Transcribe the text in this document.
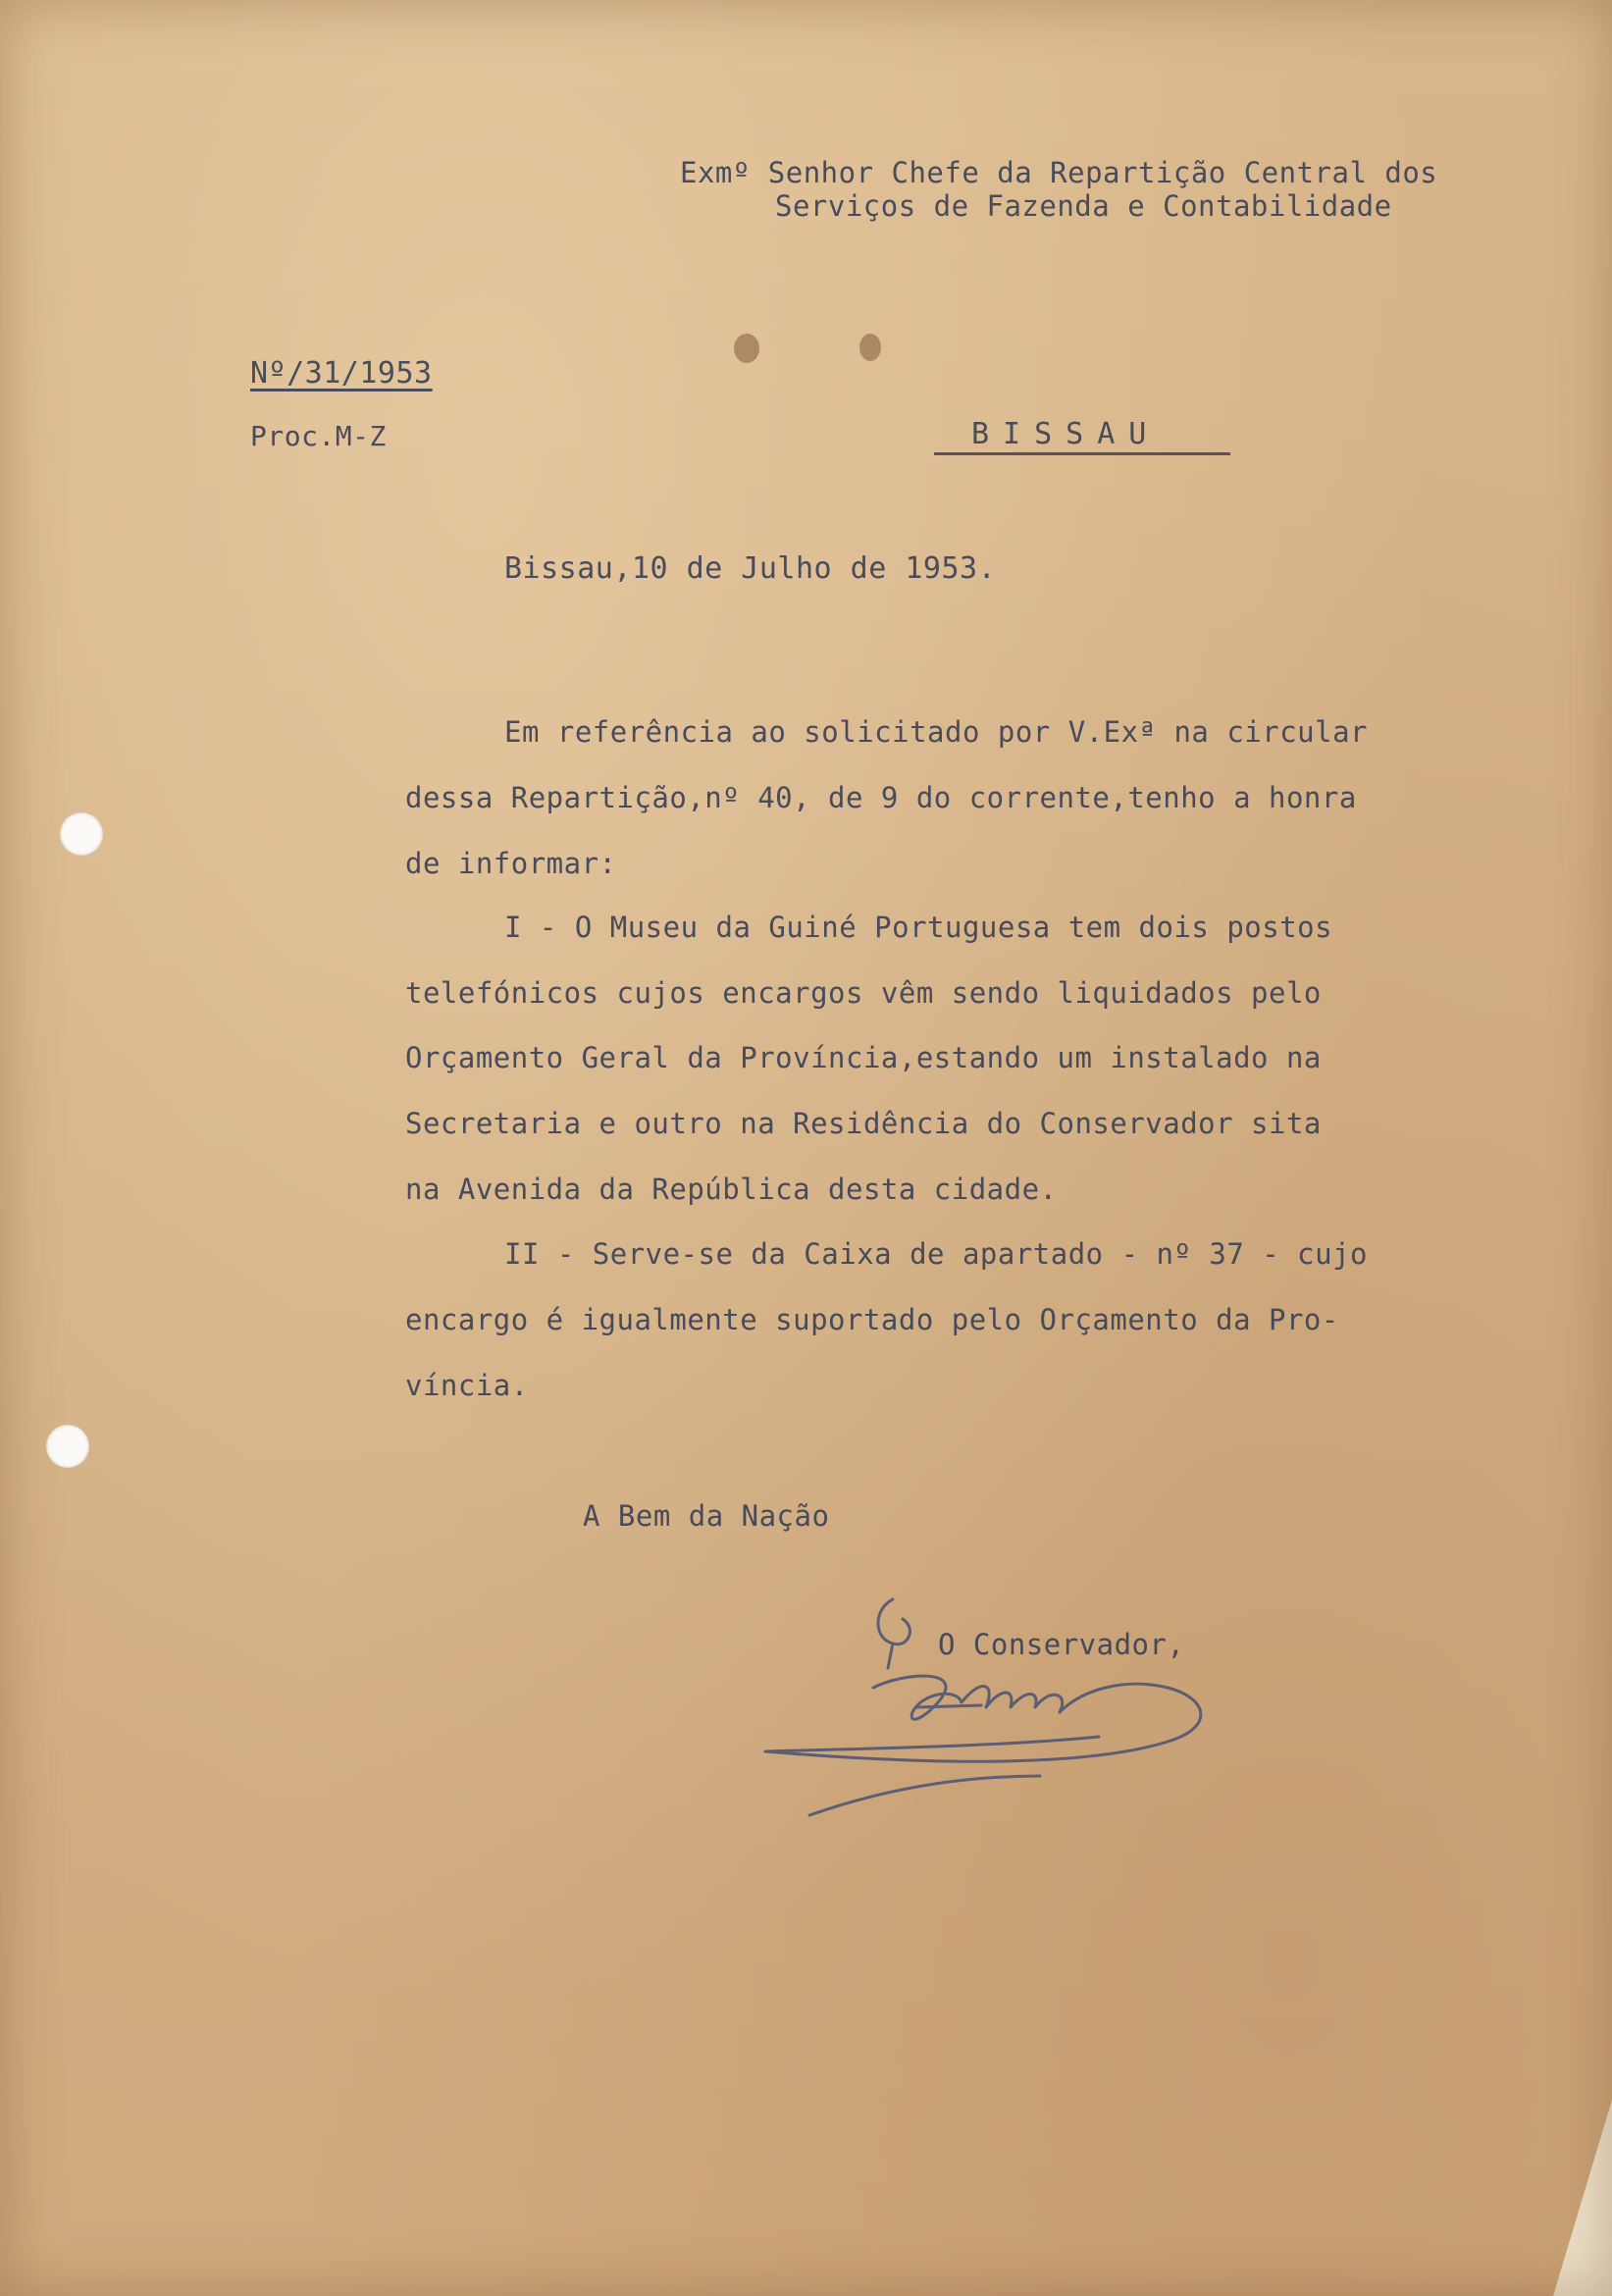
Exmº Senhor Chefe da Repartição Central dos
Serviços de Fazenda e Contabilidade
Nº/31/1953
Proc.M-Z	BISSAU
Bissau,10 de Julho de 1953.
Em referência ao solicitado por V.Exª na circular
dessa Repartição,nº 40, de 9 do corrente,tenho a honra
de informar:
I - O Museu da Guiné Portuguesa tem dois postos
telefónicos cujos encargos vêm sendo liquidados pelo
Orçamento Geral da Província,estando um instalado na
Secretaria e outro na Residência do Conservador sita
na Avenida da República desta cidade.
II - Serve-se da Caixa de apartado - nº 37 - cujo
encargo é igualmente suportado pelo Orçamento da Pro-
víncia.
A Bem da Nação
O Conservador,
